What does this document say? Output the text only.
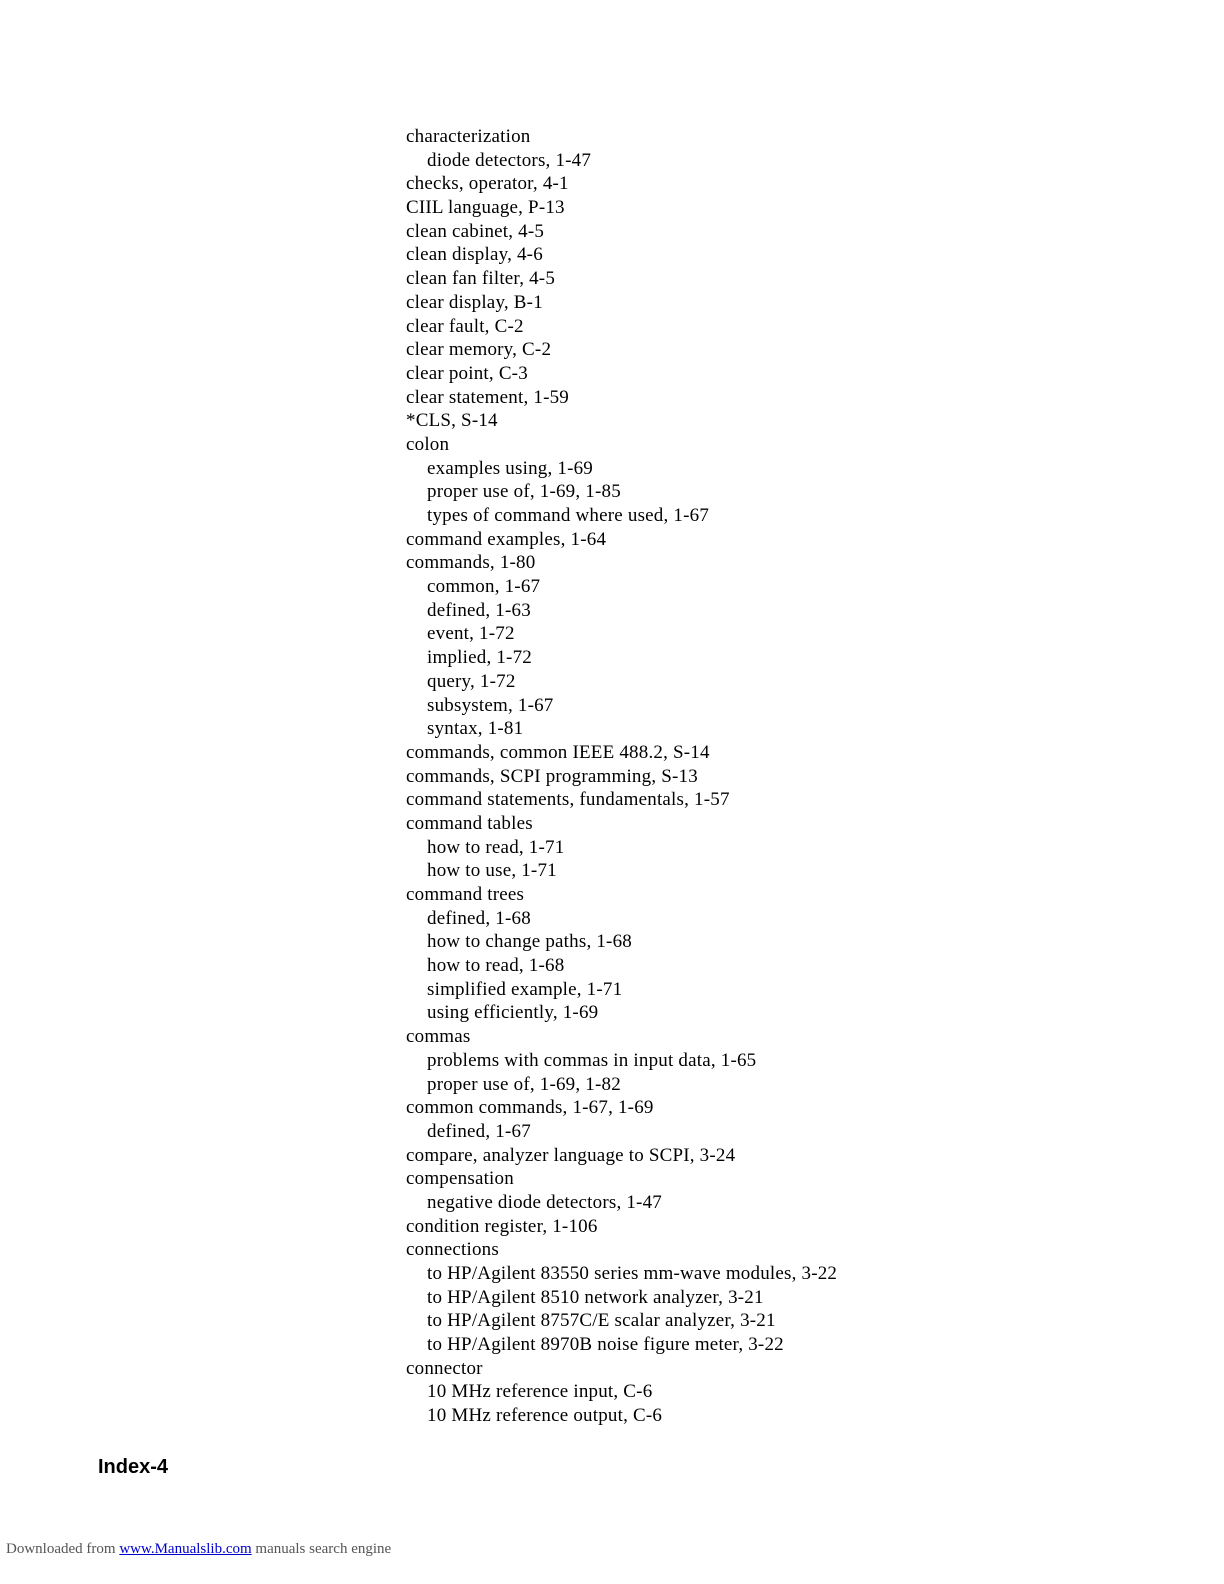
characterization
diode detectors, 1-47
checks, operator, 4-1
CIIL language, P-13
clean cabinet, 4-5
clean display, 4-6
clean fan filter, 4-5
clear display, B-1
clear fault, C-2
clear memory, C-2
clear point, C-3
clear statement, 1-59
*CLS, S-14
colon
examples using, 1-69
proper use of, 1-69, 1-85
types of command where used, 1-67
command examples, 1-64
commands, 1-80
common, 1-67
defined, 1-63
event, 1-72
implied, 1-72
query, 1-72
subsystem, 1-67
syntax, 1-81
commands, common IEEE 488.2, S-14
commands, SCPI programming, S-13
command statements, fundamentals, 1-57
command tables
how to read, 1-71
how to use, 1-71
command trees
defined, 1-68
how to change paths, 1-68
how to read, 1-68
simplified example, 1-71
using efficiently, 1-69
commas
problems with commas in input data, 1-65
proper use of, 1-69, 1-82
common commands, 1-67, 1-69
defined, 1-67
compare, analyzer language to SCPI, 3-24
compensation
negative diode detectors, 1-47
condition register, 1-106
connections
to HP/Agilent 83550 series mm-wave modules, 3-22
to HP/Agilent 8510 network analyzer, 3-21
to HP/Agilent 8757C/E scalar analyzer, 3-21
to HP/Agilent 8970B noise figure meter, 3-22
connector
10 MHz reference input, C-6
10 MHz reference output, C-6
Index-4
Downloaded from www.Manualslib.com manuals search engine
